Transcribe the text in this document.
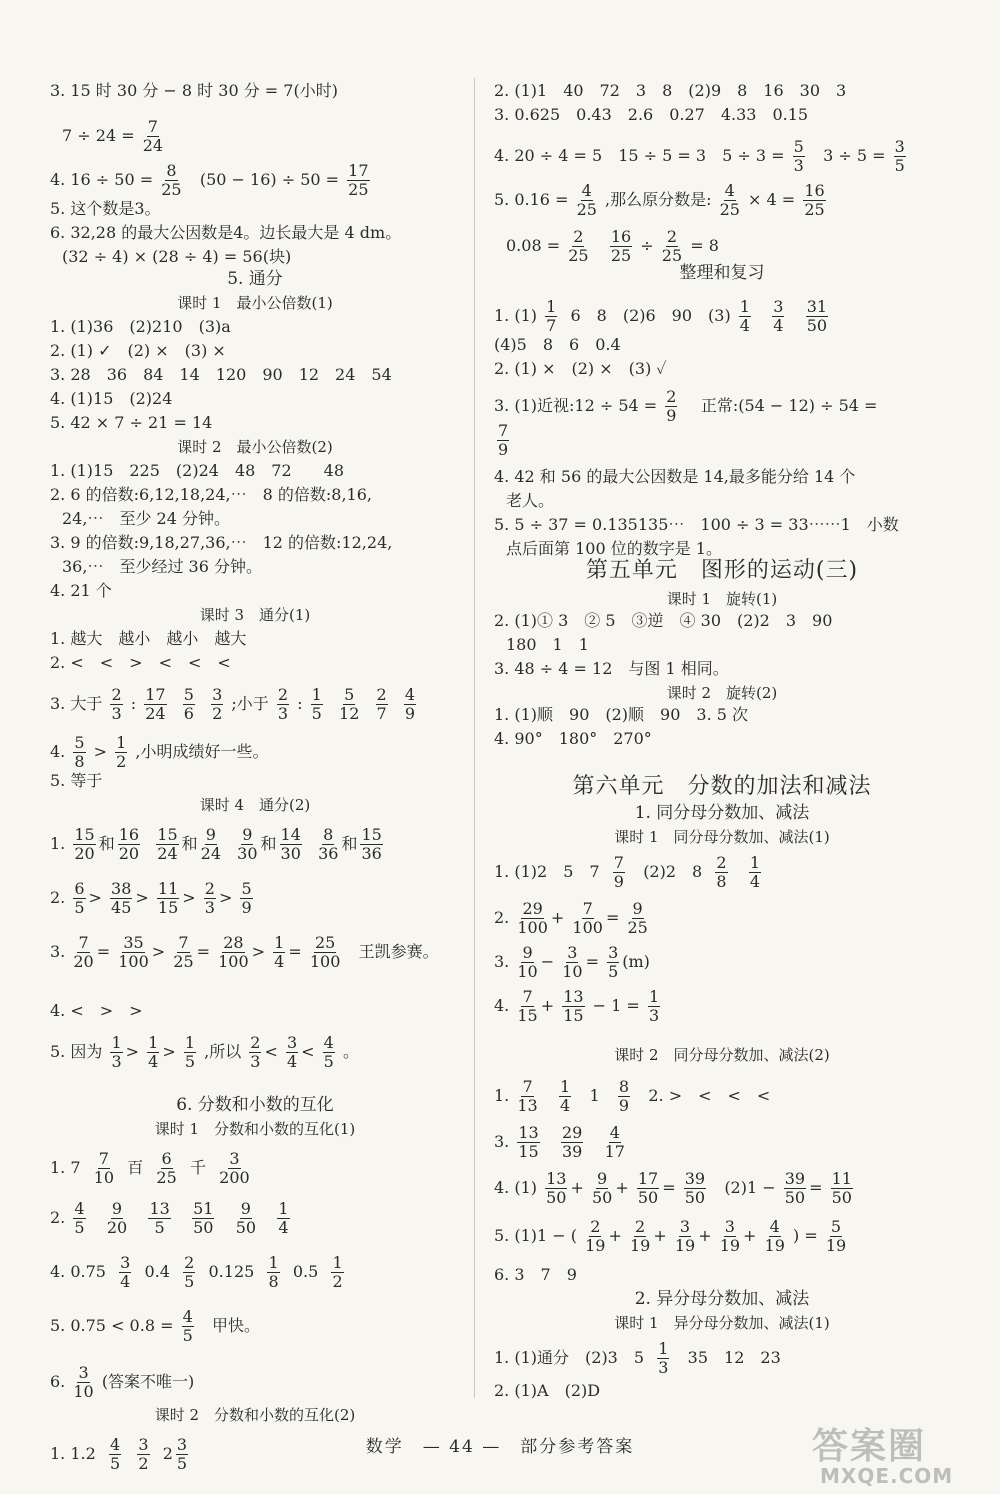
3. 15 时 30 分 − 8 时 30 分 = 7(小时)
$7 \div 24 = \frac{7}{24}$
4. $16 \div 50 = \frac{8}{25} (50 - 16) \div 50 = \frac{17}{25}$
5. 这个数是3。
6. 32,28 的最大公因数是4。边长最大是 4 dm。
(32 ÷ 4) × (28 ÷ 4) = 56(块)
5. 通分
课时 1　最小公倍数(1)
1. (1)36　(2)210　(3)a
2. (1) ✓　(2) ×　(3) ×
3. 28　36　84　14　120　90　12　24　54
4. (1)15　(2)24
5. 42 × 7 ÷ 21 = 14
课时 2　最小公倍数(2)
1. (1)15　225　(2)24　48　72　　48
2. 6 的倍数:6,12,18,24,⋯　8 的倍数:8,16,
24,⋯　至少 24 分钟。
3. 9 的倍数:9,18,27,36,⋯　12 的倍数:12,24,
36,⋯　至少经过 36 分钟。
4. 21 个
课时 3　通分(1)
1. 越大　越小　越小　越大
2. <　<　>　<　<　<
3. 大于 $\frac{2}{3}$ : $\frac{17}{24}$
$\frac{5}{6}$
$\frac{3}{2}$ ;小于 $\frac{2}{3}$ : $\frac{1}{5}$
$\frac{5}{12}$
$\frac{2}{7}$
$\frac{4}{9}$
4. $\frac{5}{8} > \frac{1}{2}$ ,小明成绩好一些。
5. 等于
课时 4　通分(2)
1. $\frac{15}{20}$ 和 $\frac{16}{20}$
$\frac{15}{24}$ 和 $\frac{9}{24}$
$\frac{9}{30}$ 和 $\frac{14}{30}$
$\frac{8}{36}$ 和 $\frac{15}{36}$
2. $\frac{6}{5} > \frac{38}{45} > \frac{11}{15} > \frac{2}{3} > \frac{5}{9}$
3. $\frac{7}{20} = \frac{35}{100} > \frac{7}{25} = \frac{28}{100} > \frac{1}{4} = \frac{25}{100}$ 王凯参赛。
4. <　>　>
5. 因为 $\frac{1}{3} > \frac{1}{4} > \frac{1}{5}$ ,所以 $\frac{2}{3} < \frac{3}{4} < \frac{4}{5}$ 。
6. 分数和小数的互化
课时 1　分数和小数的互化(1)
1. $7 \frac{7}{10}$ 百 $\frac{6}{25}$ 千 $\frac{3}{200}$
2. $\frac{4}{5}$
$\frac{9}{20}$
$\frac{13}{5}$
$\frac{51}{50}$
$\frac{9}{50}$
$\frac{1}{4}$
4. $0.75 \frac{3}{4} 0.4 \frac{2}{5} 0.125 \frac{1}{8} 0.5 \frac{1}{2}$
5. $0.75 < 0.8 = \frac{4}{5}$ 甲快。
6. $\frac{3}{10}$ (答案不唯一)
课时 2　分数和小数的互化(2)
1. $1.2 \frac{4}{5}$
$\frac{3}{2} 2 \frac{3}{5}$
2. (1)1　40　72　3　8　(2)9　8　16　30　3
3. 0.625　0.43　2.6　0.27　4.33　0.15
4. 20 ÷ 4 = 5　15 ÷ 5 = 3　$5 \div 3 = \frac{5}{3} 3 \div 5 = \frac{3}{5}$
5. $0.16 = \frac{4}{25}$ ,那么原分数是: $\frac{4}{25} \times 4 = \frac{16}{25}$
$0.08 = \frac{2}{25}$
$\frac{16}{25} \div \frac{2}{25} = 8$
整理和复习
1. $(1) \frac{1}{7} 6$　8　(2)6　90　$(3) \frac{1}{4}$
$\frac{3}{4}$
$\frac{31}{50}$
(4)5　8　6　0.4
2. (1) ×　(2) ×　(3) ✓
3. (1)近视:12 ÷ $54 = \frac{2}{9}$ 正常:(54 − 12) ÷ 54 =
$\frac{7}{9}$
4. 42 和 56 的最大公因数是 14,最多能分给 14 个
老人。
5. 5 ÷ 37 = 0.135135⋯　100 ÷ 3 = 33⋯⋯1　小数
点后面第 100 位的数字是 1。
第五单元　图形的运动(三)
课时 1　旋转(1)
2. (1)① 3　② 5　③逆　④ 30　(2)2　3　90
180　1　1
3. 48 ÷ 4 = 12　与图 1 相同。
课时 2　旋转(2)
1. (1)顺　90　(2)顺　90　3. 5 次
4. 90°　180°　270°
第六单元　分数的加法和减法
1. 同分母分数加、减法
课时 1　同分母分数加、减法(1)
1. (1)2　5　$7 \frac{7}{9} (2)2$　$8 \frac{2}{8}$
$\frac{1}{4}$
2. $\frac{29}{100} + \frac{7}{100} = \frac{9}{25}$
3. $\frac{9}{10} - \frac{3}{10} = \frac{3}{5} (m)$
4. $\frac{7}{15} + \frac{13}{15} - 1 = \frac{1}{3}$
课时 2　同分母分数加、减法(2)
1. $\frac{7}{13}$
$\frac{1}{4} 1 \frac{8}{9} 2$. >　<　<　<
3. $\frac{13}{15}$
$\frac{29}{39}$
$\frac{4}{17}$
4. $(1) \frac{13}{50} + \frac{9}{50} + \frac{17}{50} = \frac{39}{50} (2)1 - \frac{39}{50} = \frac{11}{50}$
5. (1)1 − ( $\frac{2}{19} + \frac{2}{19} + \frac{3}{19} + \frac{3}{19} + \frac{4}{19}$ ) = $\frac{5}{19}$
6. 3　7　9
2. 异分母分数加、减法
课时 1　异分母分数加、减法(1)
1. (1)通分　(2)3　$5 \frac{1}{3} 35$　12　23
2. (1)A　(2)D
数学　— 44 —　部分参考答案	答案圈
MXQE.COM
